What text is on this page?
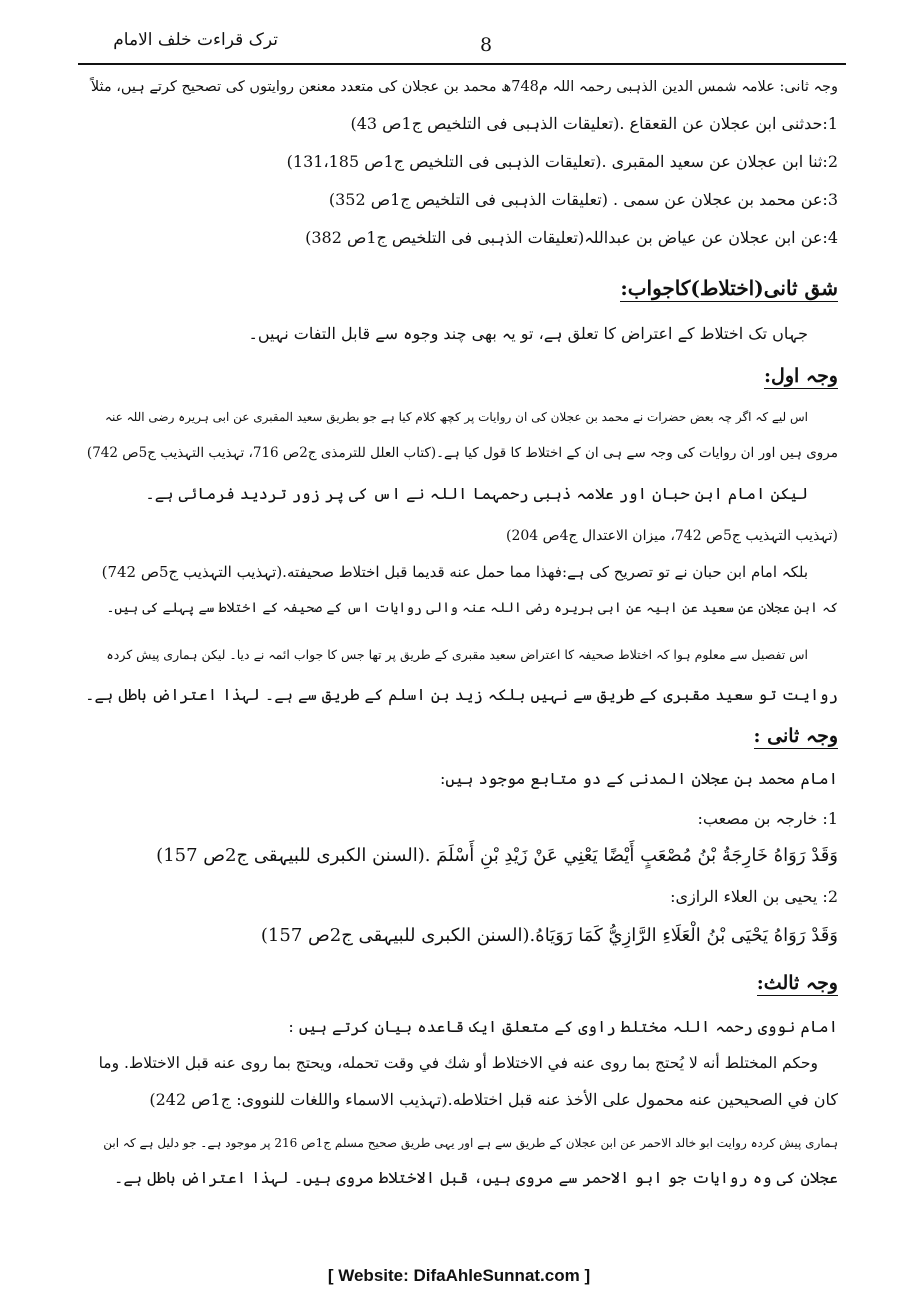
ترک قراءت خلف الامام	8
وجہ ثانی: علامہ شمس الدین الذہبی رحمہ اللہ م748ھ محمد بن عجلان کی متعدد معنعن روایتوں کی تصحیح کرتے ہیں، مثلاً
1:حدثنی ابن عجلان عن القعقاع .(تعلیقات الذہبی فی التلخیص ج1ص 43)
2:ثنا ابن عجلان عن سعید المقبری .(تعلیقات الذہبی فی التلخیص ج1ص 131،185)
3:عن محمد بن عجلان عن سمی . (تعلیقات الذہبی فی التلخیص ج1ص 352)
4:عن ابن عجلان عن عیاض بن عبداللہ(تعلیقات الذہبی فی التلخیص ج1ص 382)
شق ثانی(اختلاط)کاجواب:
جہاں تک اختلاط کے اعتراض کا تعلق ہے، تو یہ بھی چند وجوہ سے قابل التفات نہیں۔
وجہ اول:
اس لیے کہ اگر چہ بعض حضرات نے محمد بن عجلان کی ان روایات پر کچھ کلام کیا ہے جو بطریق سعید المقبری عن ابی ہریرہ رضی اللہ عنہ
مروی ہیں اور ان روایات کی وجہ سے ہی ان کے اختلاط کا قول کیا ہے۔(کتاب العلل للترمذی ج2ص 716، تہذیب التہذیب ج5ص 742)
لیکن امام ابن حبان اور علامہ ذہبی رحمہما اللہ نے اس کی پر زور تردید فرمائی ہے۔
(تہذیب التہذیب ج5ص 742، میزان الاعتدال ج4ص 204)
بلکہ امام ابن حبان نے تو تصریح کی ہے:فهذا مما حمل عنه قديما قبل اختلاط صحيفته.(تہذیب التہذیب ج5ص 742)
کہ ابن عجلان عن سعید عن ابیہ عن ابی ہریرہ رضی اللہ عنہ والی روایات اس کے صحیفہ کے اختلاط سے پہلے کی ہیں۔
اس تفصیل سے معلوم ہوا کہ اختلاط صحیفہ کا اعتراض سعید مقبری کے طریق پر تھا جس کا جواب ائمہ نے دیا۔ لیکن ہماری پیش کردہ
روایت تو سعید مقبری کے طریق سے نہیں بلکہ زید بن اسلم کے طریق سے ہے۔ لہذا اعتراض باطل ہے۔
وجہ ثانی :
امام محمد بن عجلان المدنی کے دو متابع موجود ہیں:
1: خارجہ بن مصعب:
وَقَدْ رَوَاهُ خَارِجَةُ بْنُ مُصْعَبٍ أَيْضًا يَعْنِي عَنْ زَيْدِ بْنِ أَسْلَمَ .(السنن الکبری للبیہقی ج2ص 157)
2: یحیی بن العلاء الرازی:
وَقَدْ رَوَاهُ يَحْيَى بْنُ الْعَلَاءِ الرَّازِيُّ كَمَا رَوَيَاهُ.(السنن الکبری للبیہقی ج2ص 157)
وجہ ثالث:
امام نووی رحمہ اللہ مختلط راوی کے متعلق ایک قاعدہ بیان کرتے ہیں :
وحكم المختلط أنه لا يُحتج بما روى عنه في الاختلاط أو شك في وقت تحمله، ويحتج بما روى عنه قبل الاختلاط. وما
كان في الصحيحين عنه محمول على الأخذ عنه قبل اختلاطه.(تہذیب الاسماء واللغات للنووی: ج1ص 242)
ہماری پیش کردہ روایت ابو خالد الاحمر عن ابن عجلان کے طریق سے ہے اور یہی طریق صحیح مسلم ج1ص 216 پر موجود ہے۔ جو دلیل ہے کہ ابن
عجلان کی وہ روایات جو ابو الاحمر سے مروی ہیں، قبل الاختلاط مروی ہیں۔ لہذا اعتراض باطل ہے۔
[ Website: DifaAhleSunnat.com ]
